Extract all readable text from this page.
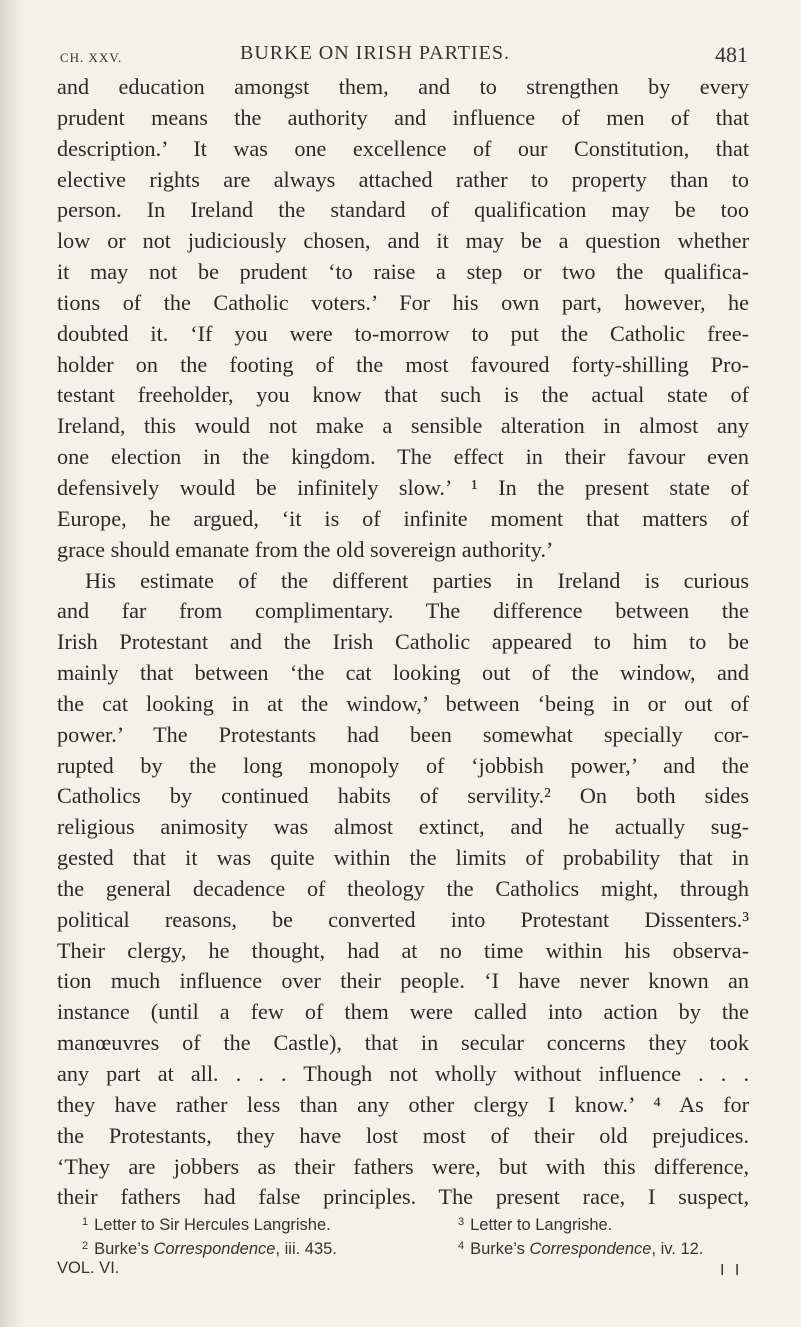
CH. XXV.	BURKE ON IRISH PARTIES.	481
and education amongst them, and to strengthen by every
prudent means the authority and influence of men of that
description.’ It was one excellence of our Constitution, that
elective rights are always attached rather to property than to
person. In Ireland the standard of qualification may be too
low or not judiciously chosen, and it may be a question whether
it may not be prudent ‘to raise a step or two the qualifica-
tions of the Catholic voters.’ For his own part, however, he
doubted it. ‘If you were to-morrow to put the Catholic free-
holder on the footing of the most favoured forty-shilling Pro-
testant freeholder, you know that such is the actual state of
Ireland, this would not make a sensible alteration in almost any
one election in the kingdom. The effect in their favour even
defensively would be infinitely slow.’ ¹ In the present state of
Europe, he argued, ‘it is of infinite moment that matters of
grace should emanate from the old sovereign authority.’
His estimate of the different parties in Ireland is curious
and far from complimentary. The difference between the
Irish Protestant and the Irish Catholic appeared to him to be
mainly that between ‘the cat looking out of the window, and
the cat looking in at the window,’ between ‘being in or out of
power.’ The Protestants had been somewhat specially cor-
rupted by the long monopoly of ‘jobbish power,’ and the
Catholics by continued habits of servility.² On both sides
religious animosity was almost extinct, and he actually sug-
gested that it was quite within the limits of probability that in
the general decadence of theology the Catholics might, through
political reasons, be converted into Protestant Dissenters.³
Their clergy, he thought, had at no time within his observa-
tion much influence over their people. ‘I have never known an
instance (until a few of them were called into action by the
manœuvres of the Castle), that in secular concerns they took
any part at all. . . . Though not wholly without influence . . .
they have rather less than any other clergy I know.’ ⁴ As for
the Protestants, they have lost most of their old prejudices.
‘They are jobbers as their fathers were, but with this difference,
their fathers had false principles. The present race, I suspect,
$^1$ Letter to Sir Hercules Langrishe.	$^3$ Letter to Langrishe.
$^2$ Burke’s Correspondence, iii. 435.	$^4$ Burke’s Correspondence, iv. 12.
VOL. VI.	I I
